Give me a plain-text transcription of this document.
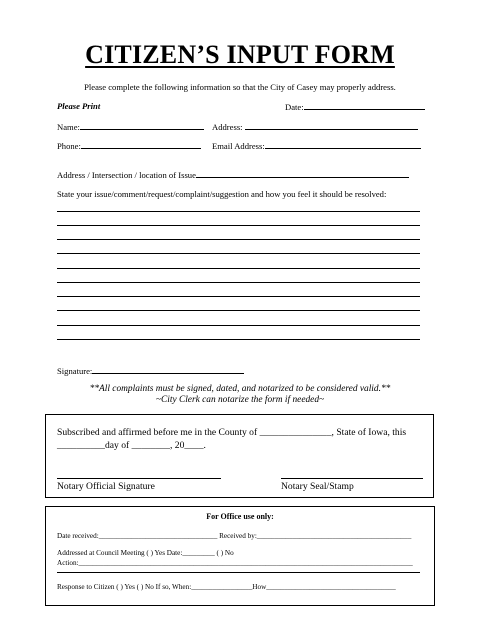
CITIZEN’S INPUT FORM
Please complete the following information so that the City of Casey may properly address.
Please Print	Date:
Name:	Address:
Phone:	Email Address:
Address / Intersection / location of Issue
State your issue/comment/request/complaint/suggestion and how you feel it should be resolved:
Signature:
**All complaints must be signed, dated, and notarized to be considered valid.**
~City Clerk can notarize the form if needed~
Subscribed and affirmed before me in the County of _______________, State of Iowa, this
__________day of ________, 20____.
Notary Official Signature	Notary Seal/Stamp
For Office use only:
Date received:_________________________________ Received by:___________________________________________
Addressed at Council Meeting ( ) Yes Date:_________ ( ) No
Action:_____________________________________________________________________________________________
Response to Citizen ( ) Yes ( ) No If so, When:_________________How____________________________________
